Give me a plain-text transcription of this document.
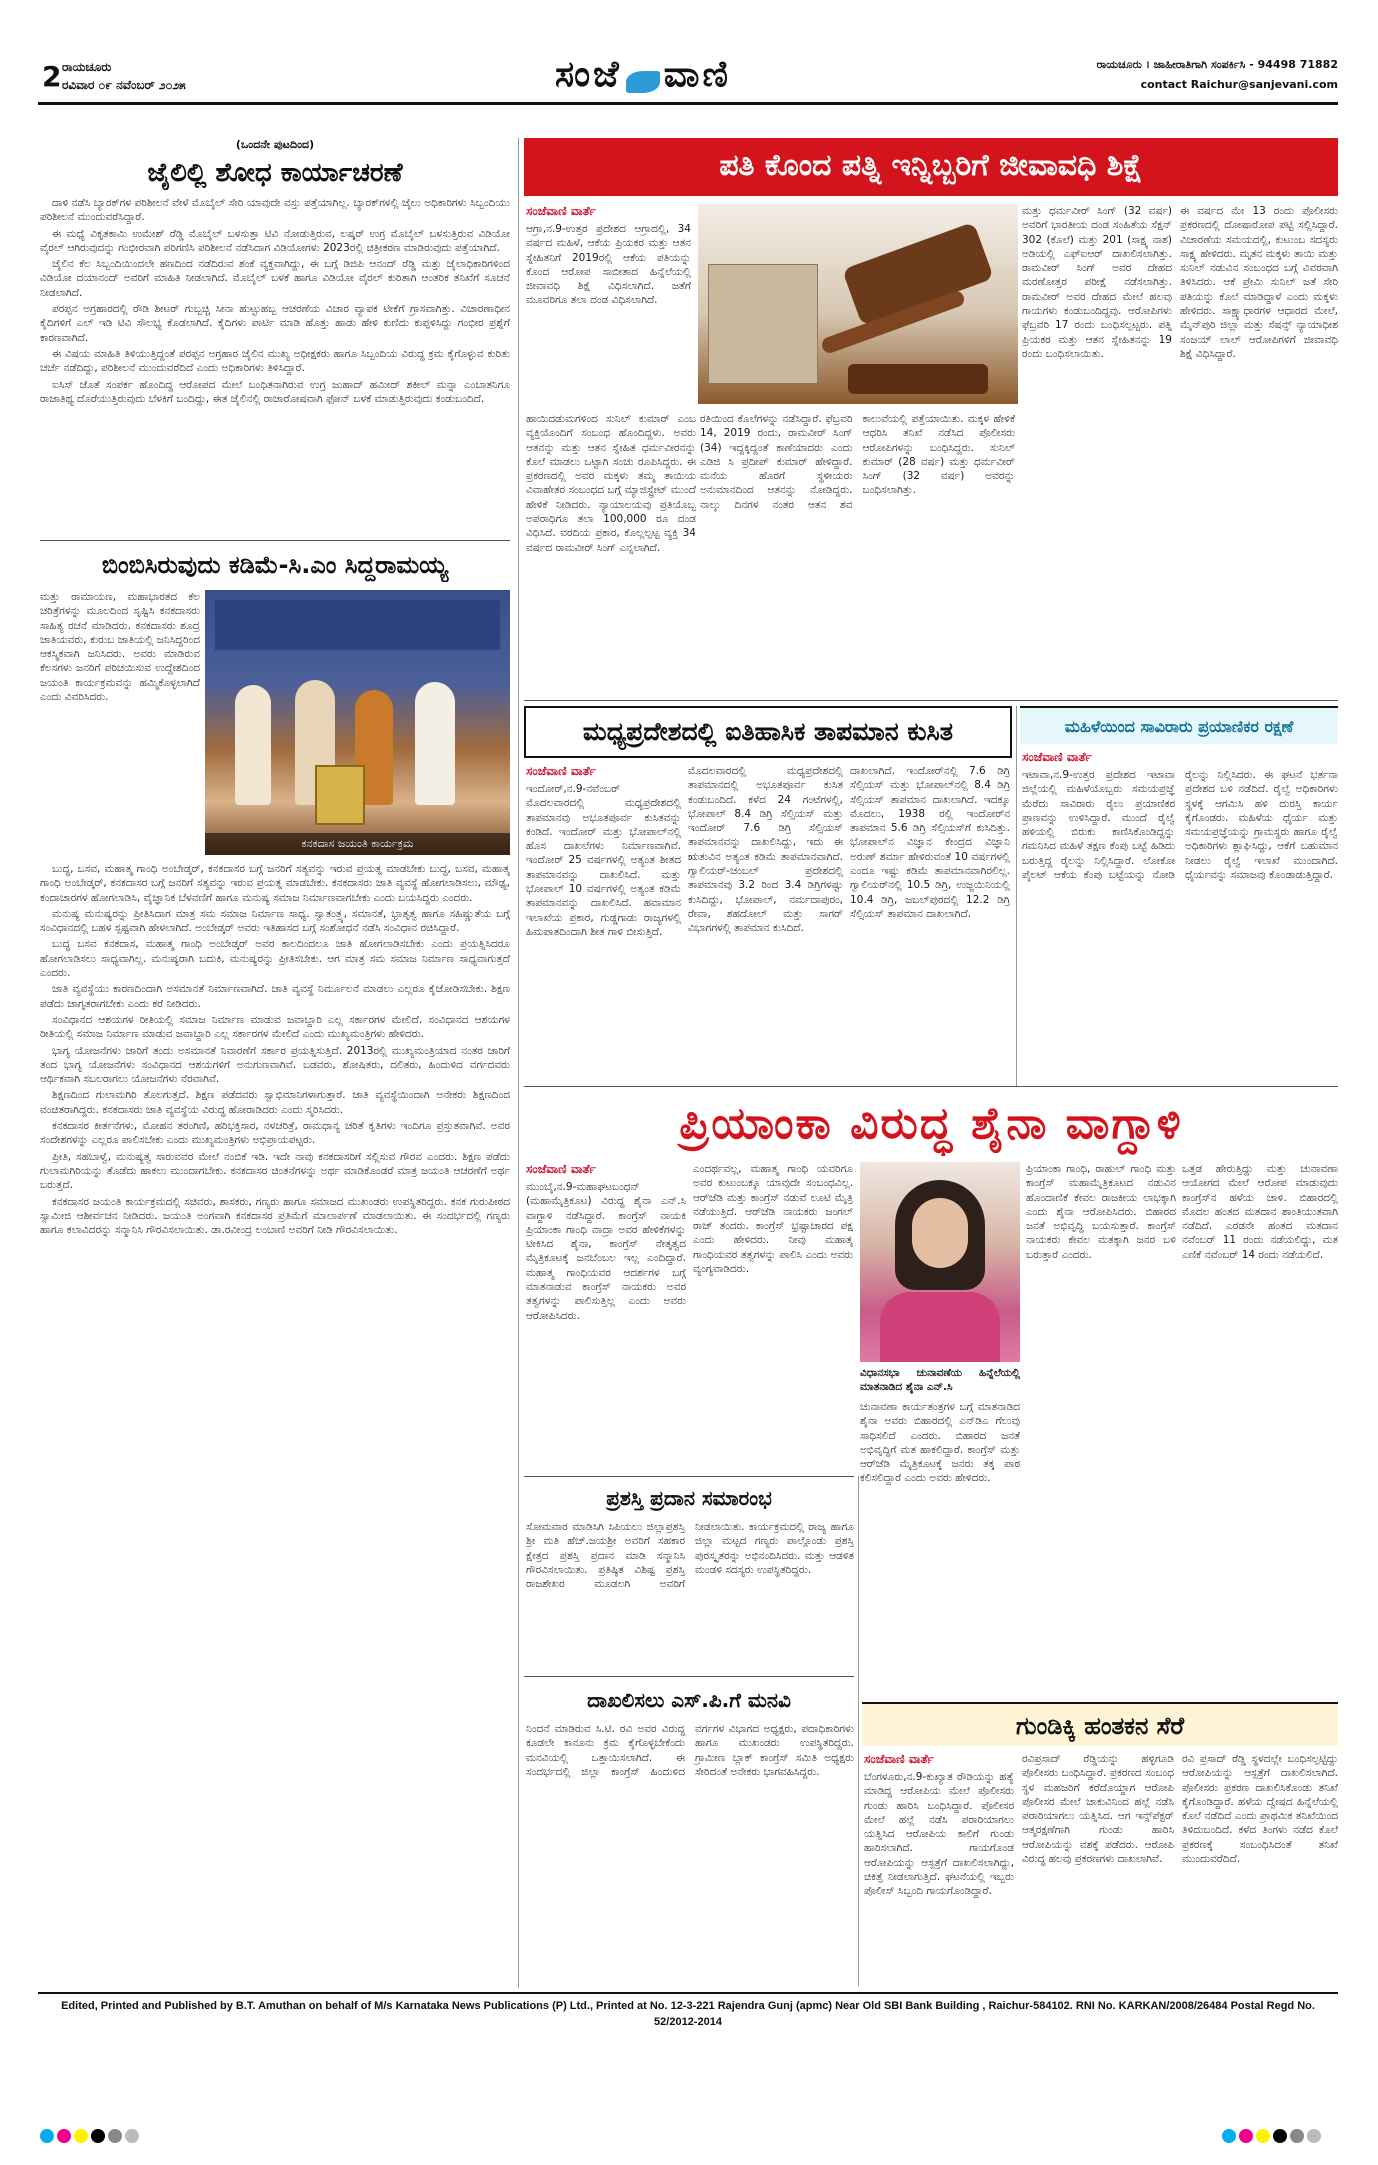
2 ರಾಯಚೂರು
ರವಿವಾರ ೦೯ ನವೆಂಬರ್ ೨೦೨೫	ಸಂಜೆ ವಾಣಿ	ರಾಯಚೂರು । ಜಾಹೀರಾತಿಗಾಗಿ ಸಂಪರ್ಕಿಸಿ - 94498 71882
contact Raichur@sanjevani.com
(ಒಂದನೇ ಪುಟದಿಂದ)
ಜೈಲಿಲ್ಲಿ ಶೋಧ ಕಾರ್ಯಾಚರಣೆ

ದಾಳಿ ನಡೆಸಿ ಬ್ಯಾರಕ್‌ಗಳ ಪರಿಶೀಲನೆ ವೇಳೆ ಮೊಬೈಲ್ ಸೇರಿ ಯಾವುದೇ ವಸ್ತು ಪತ್ತೆಯಾಗಿಲ್ಲ. ಬ್ಯಾರಕ್‌ಗಳಲ್ಲಿ ಜೈಲು ಅಧಿಕಾರಿಗಳು ಸಿಬ್ಬಂದಿಯು ಪರಿಶೀಲನೆ ಮುಂದುವರೆಸಿದ್ದಾರೆ.

ಈ ಮಧ್ಯೆ ವಿಕೃತಕಾಮಿ ಉಮೇಶ್ ರೆಡ್ಡಿ ಮೊಬೈಲ್ ಬಳಸುತ್ತಾ ಟಿವಿ ನೋಡುತ್ತಿರುವ, ಲಷ್ಕರ್ ಉಗ್ರ ಮೊಬೈಲ್ ಬಳಸುತ್ತಿರುವ ವಿಡಿಯೋ ವೈರಲ್ ಆಗಿರುವುದನ್ನು ಗಂಭೀರವಾಗಿ ಪರಿಗಣಿಸಿ ಪರಿಶೀಲನೆ ನಡೆಸಿದಾಗ ವಿಡಿಯೋಗಳು 2023ರಲ್ಲಿ ಚಿತ್ರೀಕರಣ ಮಾಡಿರುವುದು ಪತ್ತೆಯಾಗಿದೆ.

ಜೈಲಿನ ಕೆಲ ಸಿಬ್ಬಂದಿಯಿಂದಲೇ ಹಣದಿಂದ ನಡೆದಿರುವ ಶಂಕೆ ವ್ಯಕ್ತವಾಗಿದ್ದು, ಈ ಬಗ್ಗೆ ಡಿಜಿಪಿ ಆನಂದ್ ರೆಡ್ಡಿ ಮತ್ತು ಜೈಲಾಧಿಕಾರಿಗಳಿಂದ ವಿಡಿಯೋ ದಯಾನಂದ್ ಅವರಿಗೆ ಮಾಹಿತಿ ನೀಡಲಾಗಿದೆ. ಮೊಬೈಲ್ ಬಳಕೆ ಹಾಗೂ ವಿಡಿಯೋ ವೈರಲ್ ಕುರಿತಾಗಿ ಆಂತರಿಕ ತನಿಖೆಗೆ ಸೂಚನೆ ನೀಡಲಾಗಿದೆ.

ಪರಪ್ಪನ ಅಗ್ರಹಾರದಲ್ಲಿ ರೌಡಿ ಶೀಟರ್ ಗುಬ್ಬಚ್ಚಿ ಸೀನಾ ಹುಟ್ಟುಹಬ್ಬ ಆಚರಣೆಯ ವಿಚಾರ ವ್ಯಾಪಕ ಟೀಕೆಗೆ ಗ್ರಾಸವಾಗಿತ್ತು. ವಿಚಾರಣಾಧೀನ ಕೈದಿಗಳಿಗೆ ಎಲ್ ಇಡಿ ಟಿವಿ ಸೌಲಭ್ಯ ಕೊಡಲಾಗಿದೆ. ಕೈದಿಗಳು ಪಾರ್ಟಿ ಮಾಡಿ ಹೊತ್ತು ಹಾಡು ಹೇಳಿ ಕುಣಿದು ಕುಪ್ಪಳಿಸಿದ್ದು ಗಂಭೀರ ಪ್ರಶ್ನೆಗೆ ಕಾರಣವಾಗಿದೆ.

ಈ ವಿಷಯ ಮಾಹಿತಿ ತಿಳಿಯುತ್ತಿದ್ದಂತೆ ಪರಪ್ಪನ ಅಗ್ರಹಾರ ಜೈಲಿನ ಮುಖ್ಯ ಅಧೀಕ್ಷಕರು ಹಾಗೂ ಸಿಬ್ಬಂದಿಯ ವಿರುದ್ಧ ಕ್ರಮ ಕೈಗೊಳ್ಳುವ ಕುರಿತು ಚರ್ಚೆ ನಡೆದಿದ್ದು, ಪರಿಶೀಲನೆ ಮುಂದುವರೆದಿದೆ ಎಂದು ಅಧಿಕಾರಿಗಳು ತಿಳಿಸಿದ್ದಾರೆ.

ಐಸಿಸ್ ಜೊತೆ ಸಂಪರ್ಕ ಹೊಂದಿದ್ದ ಆರೋಪದ ಮೇಲೆ ಬಂಧಿತನಾಗಿರುವ ಉಗ್ರ ಜುಹಾದ್ ಹಮೀದ್ ಶಕೀಲ್ ಮನ್ನಾ ಎಂಬಾತನಿಗೂ ರಾಜಾತಿಥ್ಯ ದೊರೆಯುತ್ತಿರುವುದು ಬೆಳಕಿಗೆ ಬಂದಿದ್ದು, ಈತ ಜೈಲಿನಲ್ಲಿ ರಾಜಾರೋಷವಾಗಿ ಫೋನ್ ಬಳಕೆ ಮಾಡುತ್ತಿರುವುದು ಕಂಡುಬಂದಿದೆ.

ಬಿಂಬಿಸಿರುವುದು ಕಡಿಮೆ-ಸಿ.ಎಂ ಸಿದ್ದರಾಮಯ್ಯ
ಮತ್ತು ರಾಮಾಯಣ, ಮಹಾಭಾರತದ ಕೆಲ ಚರಿತ್ರೆಗಳನ್ನು ಮೂಲದಿಂದ ಸೃಷ್ಟಿಸಿ ಕನಕದಾಸರು ಸಾಹಿತ್ಯ ರಚನೆ ಮಾಡಿದರು. ಕನಕದಾಸರು ಶೂದ್ರ ಜಾತಿಯವರು, ಕುರುಬ ಜಾತಿಯಲ್ಲಿ ಜನಿಸಿದ್ದರಿಂದ ಆಕಸ್ಮಿಕವಾಗಿ ಜನಿಸಿದರು. ಅವರು ಮಾಡಿರುವ ಕೆಲಸಗಳು ಜನರಿಗೆ ಪರಿಚಯಿಸುವ ಉದ್ದೇಶದಿಂದ ಜಯಂತಿ ಕಾರ್ಯಕ್ರಮವನ್ನು ಹಮ್ಮಿಕೊಳ್ಳಲಾಗಿದೆ ಎಂದು ವಿವರಿಸಿದರು.
ಕನಕದಾಸ ಜಯಂತಿ ಕಾರ್ಯಕ್ರಮ

ಬುದ್ಧ, ಬಸವ, ಮಹಾತ್ಮ ಗಾಂಧಿ ಅಂಬೇಡ್ಕರ್, ಕನಕದಾಸರ ಬಗ್ಗೆ ಜನರಿಗೆ ಸತ್ಯವನ್ನು ಇರುವ ಪ್ರಯತ್ನ ಮಾಡಬೇಕು ಬುದ್ಧ, ಬಸವ, ಮಹಾತ್ಮ ಗಾಂಧಿ ಅಂಬೇಡ್ಕರ್, ಕನಕದಾಸರ ಬಗ್ಗೆ ಜನರಿಗೆ ಸತ್ಯವನ್ನು ಇರುವ ಪ್ರಯತ್ನ ಮಾಡಬೇಕು. ಕನಕದಾಸರು ಜಾತಿ ವ್ಯವಸ್ಥೆ ಹೋಗಲಾಡಿಸಲು, ಮೌಢ್ಯ, ಕಂದಾಚಾರಗಳ ಹೋಗಲಾಡಿಸಿ, ವೈಜ್ಞಾನಿಕ ಬೆಳವಣಿಗೆ ಹಾಗೂ ಮನುಷ್ಯ ಸಮಾಜ ನಿರ್ಮಾಣವಾಗಬೇಕು ಎಂದು ಬಯಸಿದ್ದರು ಎಂದರು.

ಮನುಷ್ಯ ಮನುಷ್ಯರನ್ನು ಪ್ರೀತಿಸಿದಾಗ ಮಾತ್ರ ಸಮ ಸಮಾಜ ನಿರ್ಮಾಣ ಸಾಧ್ಯ. ಸ್ವಾತಂತ್ರ್ಯ, ಸಮಾನತೆ, ಭ್ರಾತೃತ್ವ ಹಾಗೂ ಸಹಿಷ್ಣುತೆಯ ಬಗ್ಗೆ ಸಂವಿಧಾನದಲ್ಲಿ ಬಹಳ ಸ್ಪಷ್ಟವಾಗಿ ಹೇಳಲಾಗಿದೆ. ಅಂಬೇಡ್ಕರ್ ಅವರು ಇತಿಹಾಸದ ಬಗ್ಗೆ ಸಂಶೋಧನೆ ನಡೆಸಿ ಸಂವಿಧಾನ ರಚಿಸಿದ್ದಾರೆ.

ಬುದ್ಧ ಬಸವ ಕನಕದಾಸ, ಮಹಾತ್ಮ ಗಾಂಧಿ ಅಂಬೇಡ್ಕರ್ ಅವರ ಕಾಲದಿಂದಲೂ ಜಾತಿ ಹೋಗಲಾಡಿಸಬೇಕು ಎಂದು ಪ್ರಯತ್ನಿಸಿದರೂ ಹೋಗಲಾಡಿಸಲು ಸಾಧ್ಯವಾಗಿಲ್ಲ. ಮನುಷ್ಯರಾಗಿ ಬದುಕಿ, ಮನುಷ್ಯರನ್ನು ಪ್ರೀತಿಸಬೇಕು. ಆಗ ಮಾತ್ರ ಸಮ ಸಮಾಜ ನಿರ್ಮಾಣ ಸಾಧ್ಯವಾಗುತ್ತದೆ ಎಂದರು.

ಜಾತಿ ವ್ಯವಸ್ಥೆಯು ಕಾರಣದಿಂದಾಗಿ ಅಸಮಾನತೆ ನಿರ್ಮಾಣವಾಗಿದೆ. ಜಾತಿ ವ್ಯವಸ್ಥೆ ನಿರ್ಮೂಲನೆ ಮಾಡಲು ಎಲ್ಲರೂ ಕೈಜೋಡಿಸಬೇಕು. ಶಿಕ್ಷಣ ಪಡೆದು ಜಾಗೃತರಾಗಬೇಕು ಎಂದು ಕರೆ ನೀಡಿದರು.

ಸಂವಿಧಾನದ ಆಶಯಗಳ ರೀತಿಯಲ್ಲಿ ಸಮಾಜ ನಿರ್ಮಾಣ ಮಾಡುವ ಜವಾಬ್ದಾರಿ ಎಲ್ಲ ಸರ್ಕಾರಗಳ ಮೇಲಿದೆ. ಸಂವಿಧಾನದ ಆಶಯಗಳ ರೀತಿಯಲ್ಲಿ ಸಮಾಜ ನಿರ್ಮಾಣ ಮಾಡುವ ಜವಾಬ್ದಾರಿ ಎಲ್ಲ ಸರ್ಕಾರಗಳ ಮೇಲಿದೆ ಎಂದು ಮುಖ್ಯಮಂತ್ರಿಗಳು ಹೇಳಿದರು.

ಭಾಗ್ಯ ಯೋಜನೆಗಳು ಜಾರಿಗೆ ತಂದು ಅಸಮಾನತೆ ನಿವಾರಣೆಗೆ ಸರ್ಕಾರ ಪ್ರಯತ್ನಿಸುತ್ತಿದೆ. 2013ರಲ್ಲಿ ಮುಖ್ಯಮಂತ್ರಿಯಾದ ನಂತರ ಜಾರಿಗೆ ತಂದ ಭಾಗ್ಯ ಯೋಜನೆಗಳು ಸಂವಿಧಾನದ ಆಶಯಗಳಿಗೆ ಅನುಗುಣವಾಗಿವೆ. ಬಡವರು, ಶೋಷಿತರು, ದಲಿತರು, ಹಿಂದುಳಿದ ವರ್ಗದವರು ಆರ್ಥಿಕವಾಗಿ ಸಬಲರಾಗಲು ಯೋಜನೆಗಳು ನೆರವಾಗಿವೆ.

ಶಿಕ್ಷಣದಿಂದ ಗುಲಾಮಗಿರಿ ತೊಲಗುತ್ತದೆ. ಶಿಕ್ಷಣ ಪಡೆದವರು ಸ್ವಾಭಿಮಾನಿಗಳಾಗುತ್ತಾರೆ. ಜಾತಿ ವ್ಯವಸ್ಥೆಯಿಂದಾಗಿ ಅನೇಕರು ಶಿಕ್ಷಣದಿಂದ ವಂಚಿತರಾಗಿದ್ದರು. ಕನಕದಾಸರು ಜಾತಿ ವ್ಯವಸ್ಥೆಯ ವಿರುದ್ಧ ಹೋರಾಡಿದರು ಎಂದು ಸ್ಮರಿಸಿದರು.

ಕನಕದಾಸರ ಕೀರ್ತನೆಗಳು, ಮೋಹನ ತರಂಗಿಣಿ, ಹರಿಭಕ್ತಿಸಾರ, ನಳಚರಿತ್ರೆ, ರಾಮಧಾನ್ಯ ಚರಿತೆ ಕೃತಿಗಳು ಇಂದಿಗೂ ಪ್ರಸ್ತುತವಾಗಿವೆ. ಅವರ ಸಂದೇಶಗಳನ್ನು ಎಲ್ಲರೂ ಪಾಲಿಸಬೇಕು ಎಂದು ಮುಖ್ಯಮಂತ್ರಿಗಳು ಅಭಿಪ್ರಾಯಪಟ್ಟರು.

ಪ್ರೀತಿ, ಸಹಬಾಳ್ವೆ, ಮನುಷ್ಯತ್ವ ಸಾರುವವರ ಮೇಲೆ ನಂಬಿಕೆ ಇಡಿ. ಇದೇ ನಾವು ಕನಕದಾಸರಿಗೆ ಸಲ್ಲಿಸುವ ಗೌರವ ಎಂದರು. ಶಿಕ್ಷಣ ಪಡೆದು ಗುಲಾಮಗಿರಿಯನ್ನು ತೊಡೆದು ಹಾಕಲು ಮುಂದಾಗಬೇಕು. ಕನಕದಾಸರ ಚಿಂತನೆಗಳನ್ನು ಅರ್ಥ ಮಾಡಿಕೊಂಡರೆ ಮಾತ್ರ ಜಯಂತಿ ಆಚರಣೆಗೆ ಅರ್ಥ ಬರುತ್ತದೆ.

ಕನಕದಾಸರ ಜಯಂತಿ ಕಾರ್ಯಕ್ರಮದಲ್ಲಿ ಸಚಿವರು, ಶಾಸಕರು, ಗಣ್ಯರು ಹಾಗೂ ಸಮಾಜದ ಮುಖಂಡರು ಉಪಸ್ಥಿತರಿದ್ದರು. ಕನಕ ಗುರುಪೀಠದ ಸ್ವಾಮೀಜಿ ಆಶೀರ್ವಚನ ನೀಡಿದರು. ಜಯಂತಿ ಅಂಗವಾಗಿ ಕನಕದಾಸರ ಪ್ರತಿಮೆಗೆ ಮಾಲಾರ್ಪಣೆ ಮಾಡಲಾಯಿತು. ಈ ಸಂದರ್ಭದಲ್ಲಿ ಗಣ್ಯರು ಹಾಗೂ ಕಲಾವಿದರನ್ನು ಸನ್ಮಾನಿಸಿ ಗೌರವಿಸಲಾಯಿತು. ಡಾ.ರವೀಂದ್ರ ಲಂಬಾಣಿ ಅವರಿಗೆ ನೀಡಿ ಗೌರವಿಸಲಾಯಿತು.

ಪತಿ ಕೊಂದ ಪತ್ನಿ ಇನ್ನಿಬ್ಬರಿಗೆ ಜೀವಾವಧಿ ಶಿಕ್ಷೆ
ಸಂಜೆವಾಣಿ ವಾರ್ತೆ
ಆಗ್ರಾ,ನ.9-ಉತ್ತರ ಪ್ರದೇಶದ ಆಗ್ರಾದಲ್ಲಿ, 34 ವರ್ಷದ ಮಹಿಳೆ, ಆಕೆಯ ಪ್ರಿಯಕರ ಮತ್ತು ಆತನ ಸ್ನೇಹಿತನಿಗೆ 2019ರಲ್ಲಿ ಆಕೆಯ ಪತಿಯನ್ನು ಕೊಂದ ಆರೋಪ ಸಾಬೀತಾದ ಹಿನ್ನೆಲೆಯಲ್ಲಿ ಜೀವಾವಧಿ ಶಿಕ್ಷೆ ವಿಧಿಸಲಾಗಿದೆ. ಜತೆಗೆ ಮೂವರಿಗೂ ತಲಾ ದಂಡ ವಿಧಿಸಲಾಗಿದೆ.
ಹಾಯಿದಡುಮಗಳಿಂದ ಸುನಿಲ್ ಕುಮಾರ್ ಎಂಬ ವ್ಯಕ್ತಿಯೊಂದಿಗೆ ಸಂಬಂಧ ಹೊಂದಿದ್ದಳು. ಅವರು ಆತನನ್ನು ಮತ್ತು ಆತನ ಸ್ನೇಹಿತ ಧರ್ಮವೀರನನ್ನು ಕೊಲೆ ಮಾಡಲು ಒಟ್ಟಾಗಿ ಸಂಚು ರೂಪಿಸಿದ್ದರು. ಈ ಪ್ರಕರಣದಲ್ಲಿ ಅವರ ಮಕ್ಕಳು ತಮ್ಮ ತಾಯಿಯ ವಿವಾಹೇತರ ಸಂಬಂಧದ ಬಗ್ಗೆ ಮ್ಯಾಜಿಸ್ಟ್ರೇಟ್ ಮುಂದೆ ಹೇಳಿಕೆ ನೀಡಿದರು. ನ್ಯಾಯಾಲಯವು ಪ್ರತಿಯೊಬ್ಬ ಅಪರಾಧಿಗೂ ತಲಾ 100,000 ರೂ ದಂಡ ವಿಧಿಸಿದೆ. ವರದಿಯ ಪ್ರಕಾರ, ಕೊಲ್ಲಲ್ಪಟ್ಟ ವ್ಯಕ್ತಿ 34 ವರ್ಷದ ರಾಮವೀರ್ ಸಿಂಗ್ ಎನ್ನಲಾಗಿದೆ.
ರತಿಯಿಂದ ಕೊಲೆಗಳನ್ನು ನಡೆಸಿದ್ದಾರೆ. ಫೆಬ್ರವರಿ 14, 2019 ರಂದು, ರಾಮವೀರ್ ಸಿಂಗ್ (34) ಇದ್ದಕ್ಕಿದ್ದಂತೆ ಕಾಣೆಯಾದರು ಎಂದು ಎಡಿಜಿ ಸಿ ಪ್ರದೀಪ್ ಕುಮಾರ್ ಹೇಳಿದ್ದಾರೆ. ಮನೆಯ ಹೊರಗೆ ಸ್ಥಳೀಯರು ಅನುಮಾನದಿಂದ ಆತನನ್ನು ನೋಡಿದ್ದರು. ನಾಲ್ಕು ದಿನಗಳ ನಂತರ ಆತನ ಶವ ಕಾಲುವೆಯಲ್ಲಿ ಪತ್ತೆಯಾಯಿತು. ಮಕ್ಕಳ ಹೇಳಿಕೆ ಆಧರಿಸಿ ತನಿಖೆ ನಡೆಸಿದ ಪೊಲೀಸರು ಆರೋಪಿಗಳನ್ನು ಬಂಧಿಸಿದ್ದರು. ಸುನಿಲ್ ಕುಮಾರ್ (28 ವರ್ಷ) ಮತ್ತು ಧರ್ಮವೀರ್ ಸಿಂಗ್ (32 ವರ್ಷ) ಅವರನ್ನು ಬಂಧಿಸಲಾಗಿತ್ತು.
ಮತ್ತು ಧರ್ಮವೀರ್ ಸಿಂಗ್ (32 ವರ್ಷ) ಅವರಿಗೆ ಭಾರತೀಯ ದಂಡ ಸಂಹಿತೆಯ ಸೆಕ್ಷನ್ 302 (ಕೊಲೆ) ಮತ್ತು 201 (ಸಾಕ್ಷ್ಯ ನಾಶ) ಅಡಿಯಲ್ಲಿ ಎಫ್‌ಐಆರ್ ದಾಖಲಿಸಲಾಗಿತ್ತು. ರಾಮವೀರ್ ಸಿಂಗ್ ಅವರ ದೇಹದ ಮರಣೋತ್ತರ ಪರೀಕ್ಷೆ ನಡೆಸಲಾಗಿತ್ತು. ರಾಮವೀರ್ ಅವರ ದೇಹದ ಮೇಲೆ ಹಲವು ಗಾಯಗಳು ಕಂಡುಬಂದಿದ್ದವು. ಆರೋಪಿಗಳು ಫೆಬ್ರವರಿ 17 ರಂದು ಬಂಧಿಸಲ್ಪಟ್ಟರು. ಪತ್ನಿ ಪ್ರಿಯಕರ ಮತ್ತು ಆತನ ಸ್ನೇಹಿತನನ್ನು 19 ರಂದು ಬಂಧಿಸಲಾಯಿತು.
ಈ ವರ್ಷದ ಮೇ 13 ರಂದು ಪೊಲೀಸರು ಪ್ರಕರಣದಲ್ಲಿ ದೋಷಾರೋಪ ಪಟ್ಟಿ ಸಲ್ಲಿಸಿದ್ದಾರೆ. ವಿಚಾರಣೆಯ ಸಮಯದಲ್ಲಿ, ಕುಟುಂಬ ಸದಸ್ಯರು ಸಾಕ್ಷ್ಯ ಹೇಳಿದರು. ಮೃತನ ಮಕ್ಕಳು ತಾಯಿ ಮತ್ತು ಸುನಿಲ್ ನಡುವಿನ ಸಂಬಂಧದ ಬಗ್ಗೆ ವಿವರವಾಗಿ ತಿಳಿಸಿದರು. ಆಕೆ ಪ್ರೇಮಿ ಸುನಿಲ್ ಜತೆ ಸೇರಿ ಪತಿಯನ್ನು ಕೊಲೆ ಮಾಡಿದ್ದಾಳೆ ಎಂದು ಮಕ್ಕಳು ಹೇಳಿದರು. ಸಾಕ್ಷ್ಯಾಧಾರಗಳ ಆಧಾರದ ಮೇಲೆ, ಮೈನ್‌ಪುರಿ ಜಿಲ್ಲಾ ಮತ್ತು ಸೆಷನ್ಸ್ ನ್ಯಾಯಾಧೀಶ ಸಂಜಯ್ ಲಾಲ್ ಆರೋಪಿಗಳಿಗೆ ಜೀವಾವಧಿ ಶಿಕ್ಷೆ ವಿಧಿಸಿದ್ದಾರೆ.
ಮಧ್ಯಪ್ರದೇಶದಲ್ಲಿ ಐತಿಹಾಸಿಕ ತಾಪಮಾನ ಕುಸಿತ
ಸಂಜೆವಾಣಿ ವಾರ್ತೆ
ಇಂದೋರ್,ನ.9-ನವೆಂಬರ್ ಮೊದಲವಾರದಲ್ಲಿ ಮಧ್ಯಪ್ರದೇಶದಲ್ಲಿ ತಾಪಮಾನವು ಅಭೂತಪೂರ್ವ ಕುಸಿತವನ್ನು ಕಂಡಿದೆ. ಇಂದೋರ್ ಮತ್ತು ಭೋಪಾಲ್‌ನಲ್ಲಿ ಹೊಸ ದಾಖಲೆಗಳು ನಿರ್ಮಾಣವಾಗಿವೆ. ಇಂದೋರ್ 25 ವರ್ಷಗಳಲ್ಲಿ ಅತ್ಯಂತ ಶೀತದ ತಾಪಮಾನವನ್ನು ದಾಖಲಿಸಿದೆ. ಮತ್ತು ಭೋಪಾಲ್ 10 ವರ್ಷಗಳಲ್ಲಿ ಅತ್ಯಂತ ಕಡಿಮೆ ತಾಪಮಾನವನ್ನು ದಾಖಲಿಸಿದೆ. ಹವಾಮಾನ ಇಲಾಖೆಯ ಪ್ರಕಾರ, ಗುಡ್ಡಗಾಡು ರಾಜ್ಯಗಳಲ್ಲಿ ಹಿಮಪಾತದಿಂದಾಗಿ ಶೀತ ಗಾಳಿ ಬೀಸುತ್ತಿದೆ.
ಮೊದಲವಾರದಲ್ಲಿ ಮಧ್ಯಪ್ರದೇಶದಲ್ಲಿ ತಾಪಮಾನದಲ್ಲಿ ಅಭೂತಪೂರ್ವ ಕುಸಿತ ಕಂಡುಬಂದಿದೆ. ಕಳೆದ 24 ಗಂಟೆಗಳಲ್ಲಿ, ಭೋಪಾಲ್ 8.4 ಡಿಗ್ರಿ ಸೆಲ್ಸಿಯಸ್ ಮತ್ತು ಇಂದೋರ್ 7.6 ಡಿಗ್ರಿ ಸೆಲ್ಸಿಯಸ್ ತಾಪಮಾನವನ್ನು ದಾಖಲಿಸಿದ್ದು, ಇದು ಈ ಋತುವಿನ ಅತ್ಯಂತ ಕಡಿಮೆ ತಾಪಮಾನವಾಗಿದೆ. ಗ್ವಾಲಿಯರ್-ಚಂಬಲ್ ಪ್ರದೇಶದಲ್ಲಿ ತಾಪಮಾನವು 3.2 ರಿಂದ 3.4 ಡಿಗ್ರಿಗಳಷ್ಟು ಕುಸಿದಿದ್ದು, ಭೋಪಾಲ್, ನರ್ಮದಾಪುರಂ, ರೇವಾ, ಶಹದೋಲ್ ಮತ್ತು ಸಾಗರ್ ವಿಭಾಗಗಳಲ್ಲಿ ತಾಪಮಾನ ಕುಸಿದಿದೆ.
ದಾಖಲಾಗಿದೆ. ಇಂದೋರ್‌ನಲ್ಲಿ 7.6 ಡಿಗ್ರಿ ಸೆಲ್ಸಿಯಸ್ ಮತ್ತು ಭೋಪಾಲ್‌ನಲ್ಲಿ 8.4 ಡಿಗ್ರಿ ಸೆಲ್ಸಿಯಸ್ ತಾಪಮಾನ ದಾಖಲಾಗಿದೆ. ಇದಕ್ಕೂ ಮೊದಲು, 1938 ರಲ್ಲಿ ಇಂದೋರ್‌ನ ತಾಪಮಾನ 5.6 ಡಿಗ್ರಿ ಸೆಲ್ಸಿಯಸ್‌ಗೆ ಕುಸಿದಿತ್ತು. ಭೋಪಾಲ್‌ನ ವಿಜ್ಞಾನ ಕೇಂದ್ರದ ವಿಜ್ಞಾನಿ ಅರುಣ್ ಶರ್ಮಾ ಹೇಳಿರುವಂತೆ 10 ವರ್ಷಗಳಲ್ಲಿ ಎಂದೂ ಇಷ್ಟು ಕಡಿಮೆ ತಾಪಮಾನವಾಗಿರಲಿಲ್ಲ. ಗ್ವಾಲಿಯರ್‌ನಲ್ಲಿ 10.5 ಡಿಗ್ರಿ, ಉಜ್ಜಯಿನಿಯಲ್ಲಿ 10.4 ಡಿಗ್ರಿ, ಜಬಲ್‌ಪುರದಲ್ಲಿ 12.2 ಡಿಗ್ರಿ ಸೆಲ್ಸಿಯಸ್ ತಾಪಮಾನ ದಾಖಲಾಗಿದೆ.
ಮಹಿಳೆಯಿಂದ ಸಾವಿರಾರು ಪ್ರಯಾಣಿಕರ ರಕ್ಷಣೆ
ಸಂಜೆವಾಣಿ ವಾರ್ತೆ
ಇಟಾವಾ,ನ.9-ಉತ್ತರ ಪ್ರದೇಶದ ಇಟಾವಾ ಜಿಲ್ಲೆಯಲ್ಲಿ ಮಹಿಳೆಯೊಬ್ಬರು ಸಮಯಪ್ರಜ್ಞೆ ಮೆರೆದು ಸಾವಿರಾರು ರೈಲು ಪ್ರಯಾಣಿಕರ ಪ್ರಾಣವನ್ನು ಉಳಿಸಿದ್ದಾರೆ. ಮುಂದೆ ರೈಲ್ವೆ ಹಳಿಯಲ್ಲಿ ಬಿರುಕು ಕಾಣಿಸಿಕೊಂಡಿದ್ದನ್ನು ಗಮನಿಸಿದ ಮಹಿಳೆ ತಕ್ಷಣ ಕೆಂಪು ಬಟ್ಟೆ ಹಿಡಿದು ಬರುತ್ತಿದ್ದ ರೈಲನ್ನು ನಿಲ್ಲಿಸಿದ್ದಾರೆ. ಲೋಕೋ ಪೈಲಟ್ ಆಕೆಯ ಕೆಂಪು ಬಟ್ಟೆಯನ್ನು ನೋಡಿ ರೈಲನ್ನು ನಿಲ್ಲಿಸಿದರು. ಈ ಘಟನೆ ಭರ್ತನಾ ಪ್ರದೇಶದ ಬಳಿ ನಡೆದಿದೆ. ರೈಲ್ವೆ ಅಧಿಕಾರಿಗಳು ಸ್ಥಳಕ್ಕೆ ಆಗಮಿಸಿ ಹಳಿ ದುರಸ್ತಿ ಕಾರ್ಯ ಕೈಗೊಂಡರು. ಮಹಿಳೆಯ ಧೈರ್ಯ ಮತ್ತು ಸಮಯಪ್ರಜ್ಞೆಯನ್ನು ಗ್ರಾಮಸ್ಥರು ಹಾಗೂ ರೈಲ್ವೆ ಅಧಿಕಾರಿಗಳು ಶ್ಲಾಘಿಸಿದ್ದು, ಆಕೆಗೆ ಬಹುಮಾನ ನೀಡಲು ರೈಲ್ವೆ ಇಲಾಖೆ ಮುಂದಾಗಿದೆ. ಧೈರ್ಯವನ್ನು ಸಮಾಜವು ಕೊಂಡಾಡುತ್ತಿದ್ದಾರೆ.
ಪ್ರಿಯಾಂಕಾ ವಿರುದ್ಧ ಶೈನಾ ವಾಗ್ದಾಳಿ
ಸಂಜೆವಾಣಿ ವಾರ್ತೆ
ಮುಂಬೈ,ನ.9-ಮಹಾಘಟಬಂಧನ್ (ಮಹಾಮೈತ್ರಿಕೂಟ) ವಿರುದ್ಧ ಶೈನಾ ಎನ್.ಸಿ ವಾಗ್ದಾಳಿ ನಡೆಸಿದ್ದಾರೆ. ಕಾಂಗ್ರೆಸ್ ನಾಯಕಿ ಪ್ರಿಯಾಂಕಾ ಗಾಂಧಿ ವಾದ್ರಾ ಅವರ ಹೇಳಿಕೆಗಳನ್ನು ಟೀಕಿಸಿದ ಶೈನಾ, ಕಾಂಗ್ರೆಸ್ ನೇತೃತ್ವದ ಮೈತ್ರಿಕೂಟಕ್ಕೆ ಜನಬೆಂಬಲ ಇಲ್ಲ ಎಂದಿದ್ದಾರೆ. ಮಹಾತ್ಮ ಗಾಂಧಿಯವರ ಆದರ್ಶಗಳ ಬಗ್ಗೆ ಮಾತನಾಡುವ ಕಾಂಗ್ರೆಸ್ ನಾಯಕರು ಅವರ ತತ್ವಗಳನ್ನು ಪಾಲಿಸುತ್ತಿಲ್ಲ ಎಂದು ಅವರು ಆರೋಪಿಸಿದರು.
ಎಂದರ್ಥವಲ್ಲ, ಮಹಾತ್ಮ ಗಾಂಧಿ ಯವರಿಗೂ ಅವರ ಕುಟುಂಬಕ್ಕೂ ಯಾವುದೇ ಸಂಬಂಧವಿಲ್ಲ. ಆರ್‌ಜೆಡಿ ಮತ್ತು ಕಾಂಗ್ರೆಸ್ ನಡುವೆ ಲೂಟಿ ಮೈತ್ರಿ ನಡೆಯುತ್ತಿದೆ. ಆರ್‌ಜೆಡಿ ನಾಯಕರು ಜಂಗಲ್ ರಾಜ್ ತಂದರು. ಕಾಂಗ್ರೆಸ್ ಭ್ರಷ್ಟಾಚಾರದ ಪಕ್ಷ ಎಂದು ಹೇಳಿದರು. ನೀವು ಮಹಾತ್ಮ ಗಾಂಧಿಯವರ ತತ್ವಗಳನ್ನು ಪಾಲಿಸಿ ಎಂದು ಅವರು ವ್ಯಂಗ್ಯವಾಡಿದರು.
ವಿಧಾನಸಭಾ ಚುನಾವಣೆಯ ಹಿನ್ನೆಲೆಯಲ್ಲಿ ಮಾತನಾಡಿದ ಶೈನಾ ಎನ್.ಸಿ
ಚುನಾವಣಾ ಕಾರ್ಯತಂತ್ರಗಳ ಬಗ್ಗೆ ಮಾತನಾಡಿದ ಶೈನಾ ಅವರು ಬಿಹಾರದಲ್ಲಿ ಎನ್‌ಡಿಎ ಗೆಲುವು ಸಾಧಿಸಲಿದೆ ಎಂದರು. ಬಿಹಾರದ ಜನತೆ ಅಭಿವೃದ್ಧಿಗೆ ಮತ ಹಾಕಲಿದ್ದಾರೆ. ಕಾಂಗ್ರೆಸ್ ಮತ್ತು ಆರ್‌ಜೆಡಿ ಮೈತ್ರಿಕೂಟಕ್ಕೆ ಜನರು ತಕ್ಕ ಪಾಠ ಕಲಿಸಲಿದ್ದಾರೆ ಎಂದು ಅವರು ಹೇಳಿದರು.
ಪ್ರಿಯಾಂಕಾ ಗಾಂಧಿ, ರಾಹುಲ್ ಗಾಂಧಿ ಮತ್ತು ಕಾಂಗ್ರೆಸ್ ಮಹಾಮೈತ್ರಿಕೂಟದ ನಡುವಿನ ಹೊಂದಾಣಿಕೆ ಕೇವಲ ರಾಜಕೀಯ ಲಾಭಕ್ಕಾಗಿ ಎಂದು ಶೈನಾ ಆರೋಪಿಸಿದರು. ಬಿಹಾರದ ಜನತೆ ಅಭಿವೃದ್ಧಿ ಬಯಸುತ್ತಾರೆ. ಕಾಂಗ್ರೆಸ್ ನಾಯಕರು ಕೇವಲ ಮತಕ್ಕಾಗಿ ಜನರ ಬಳಿ ಬರುತ್ತಾರೆ ಎಂದರು.
ಒತ್ತಡ ಹೇರುತ್ತಿದ್ದು ಮತ್ತು ಚುನಾವಣಾ ಆಯೋಗದ ಮೇಲೆ ಆರೋಪ ಮಾಡುವುದು ಕಾಂಗ್ರೆಸ್‌ನ ಹಳೆಯ ಚಾಳಿ. ಬಿಹಾರದಲ್ಲಿ ಮೊದಲ ಹಂತದ ಮತದಾನ ಶಾಂತಿಯುತವಾಗಿ ನಡೆದಿದೆ. ಎರಡನೇ ಹಂತದ ಮತದಾನ ನವೆಂಬರ್ 11 ರಂದು ನಡೆಯಲಿದ್ದು, ಮತ ಎಣಿಕೆ ನವೆಂಬರ್ 14 ರಂದು ನಡೆಯಲಿದೆ.
ಪ್ರಶಸ್ತಿ ಪ್ರದಾನ ಸಮಾರಂಭ
ಸೋಮವಾರ ಮಾಡಿಸಿಗಿ ಸಿಪಿಯಲು ಜಿಲ್ಲಾಪ್ರಶಸ್ತಿ ಶ್ರೀ ಮತಿ ಹೆಚ್.ಜಯಶ್ರೀ ಅವರಿಗೆ ಸಹಕಾರ ಕ್ಷೇತ್ರದ ಪ್ರಶಸ್ತಿ ಪ್ರದಾನ ಮಾಡಿ ಸನ್ಮಾನಿಸಿ ಗೌರವಿಸಲಾಯಿತು. ಪ್ರತಿಷ್ಠಿತ ವಿಶಿಷ್ಟ ಪ್ರಶಸ್ತಿ ರಾಜಶೇಖರ ಮೂಡಲಗಿ ಅವರಿಗೆ ನೀಡಲಾಯಿತು. ಕಾರ್ಯಕ್ರಮದಲ್ಲಿ ರಾಜ್ಯ ಹಾಗೂ ಜಿಲ್ಲಾ ಮಟ್ಟದ ಗಣ್ಯರು ಪಾಲ್ಗೊಂಡು ಪ್ರಶಸ್ತಿ ಪುರಸ್ಕೃತರನ್ನು ಅಭಿನಂದಿಸಿದರು. ಮತ್ತು ಆಡಳಿತ ಮಂಡಳಿ ಸದಸ್ಯರು ಉಪಸ್ಥಿತರಿದ್ದರು.
ದಾಖಲಿಸಲು ಎಸ್.ಪಿ.ಗೆ ಮನವಿ
ನಿಂದನೆ ಮಾಡಿರುವ ಸಿ.ಟಿ. ರವಿ ಅವರ ವಿರುದ್ಧ ಕೂಡಲೇ ಕಾನೂನು ಕ್ರಮ ಕೈಗೊಳ್ಳಬೇಕೆಂದು ಮನವಿಯಲ್ಲಿ ಒತ್ತಾಯಿಸಲಾಗಿದೆ. ಈ ಸಂದರ್ಭದಲ್ಲಿ ಜಿಲ್ಲಾ ಕಾಂಗ್ರೆಸ್ ಹಿಂದುಳಿದ ವರ್ಗಗಳ ವಿಭಾಗದ ಅಧ್ಯಕ್ಷರು, ಪದಾಧಿಕಾರಿಗಳು ಹಾಗೂ ಮುಖಂಡರು ಉಪಸ್ಥಿತರಿದ್ದರು. ಗ್ರಾಮೀಣ ಬ್ಲಾಕ್ ಕಾಂಗ್ರೆಸ್ ಸಮಿತಿ ಅಧ್ಯಕ್ಷರು ಸೇರಿದಂತೆ ಅನೇಕರು ಭಾಗವಹಿಸಿದ್ದರು.
ಗುಂಡಿಕ್ಕಿ ಹಂತಕನ ಸೆರೆ
ಸಂಜೆವಾಣಿ ವಾರ್ತೆ
ಬೆಂಗಳೂರು,ನ.9-ಕುಖ್ಯಾತ ರೌಡಿಯನ್ನು ಹತ್ಯೆ ಮಾಡಿದ್ದ ಆರೋಪಿಯ ಮೇಲೆ ಪೊಲೀಸರು ಗುಂಡು ಹಾರಿಸಿ ಬಂಧಿಸಿದ್ದಾರೆ. ಪೊಲೀಸರ ಮೇಲೆ ಹಲ್ಲೆ ನಡೆಸಿ ಪರಾರಿಯಾಗಲು ಯತ್ನಿಸಿದ ಆರೋಪಿಯ ಕಾಲಿಗೆ ಗುಂಡು ಹಾರಿಸಲಾಗಿದೆ. ಗಾಯಗೊಂಡ ಆರೋಪಿಯನ್ನು ಆಸ್ಪತ್ರೆಗೆ ದಾಖಲಿಸಲಾಗಿದ್ದು, ಚಿಕಿತ್ಸೆ ನೀಡಲಾಗುತ್ತಿದೆ. ಘಟನೆಯಲ್ಲಿ ಇಬ್ಬರು ಪೊಲೀಸ್ ಸಿಬ್ಬಂದಿ ಗಾಯಗೊಂಡಿದ್ದಾರೆ.
ರವಿಪ್ರಸಾದ್ ರೆಡ್ಡಿಯನ್ನು ಹಳ್ಳಿಗೂಡಿ ಪೊಲೀಸರು ಬಂಧಿಸಿದ್ದಾರೆ. ಪ್ರಕರಣದ ಸಂಬಂಧ ಸ್ಥಳ ಮಹಜರಿಗೆ ಕರೆದೊಯ್ದಾಗ ಆರೋಪಿ ಪೊಲೀಸರ ಮೇಲೆ ಚಾಕುವಿನಿಂದ ಹಲ್ಲೆ ನಡೆಸಿ ಪರಾರಿಯಾಗಲು ಯತ್ನಿಸಿದ. ಆಗ ಇನ್ಸ್‌ಪೆಕ್ಟರ್ ಆತ್ಮರಕ್ಷಣೆಗಾಗಿ ಗುಂಡು ಹಾರಿಸಿ ಆರೋಪಿಯನ್ನು ವಶಕ್ಕೆ ಪಡೆದರು. ಆರೋಪಿ ವಿರುದ್ಧ ಹಲವು ಪ್ರಕರಣಗಳು ದಾಖಲಾಗಿವೆ.
ರವಿ ಪ್ರಸಾದ್ ರೆಡ್ಡಿ ಸ್ಥಳದಲ್ಲೇ ಬಂಧಿಸಲ್ಪಟ್ಟಿದ್ದು ಆರೋಪಿಯನ್ನು ಆಸ್ಪತ್ರೆಗೆ ದಾಖಲಿಸಲಾಗಿದೆ. ಪೊಲೀಸರು ಪ್ರಕರಣ ದಾಖಲಿಸಿಕೊಂಡು ತನಿಖೆ ಕೈಗೊಂಡಿದ್ದಾರೆ. ಹಳೆಯ ದ್ವೇಷದ ಹಿನ್ನೆಲೆಯಲ್ಲಿ ಕೊಲೆ ನಡೆದಿದೆ ಎಂದು ಪ್ರಾಥಮಿಕ ತನಿಖೆಯಿಂದ ತಿಳಿದುಬಂದಿದೆ. ಕಳೆದ ತಿಂಗಳು ನಡೆದ ಕೊಲೆ ಪ್ರಕರಣಕ್ಕೆ ಸಂಬಂಧಿಸಿದಂತೆ ತನಿಖೆ ಮುಂದುವರೆದಿದೆ.
Edited, Printed and Published by B.T. Amuthan on behalf of M/s Karnataka News Publications (P) Ltd., Printed at No. 12-3-221 Rajendra Gunj (apmc) Near Old SBI Bank Building , Raichur-584102. RNI No. KARKAN/2008/26484 Postal Regd No. 52/2012-2014
